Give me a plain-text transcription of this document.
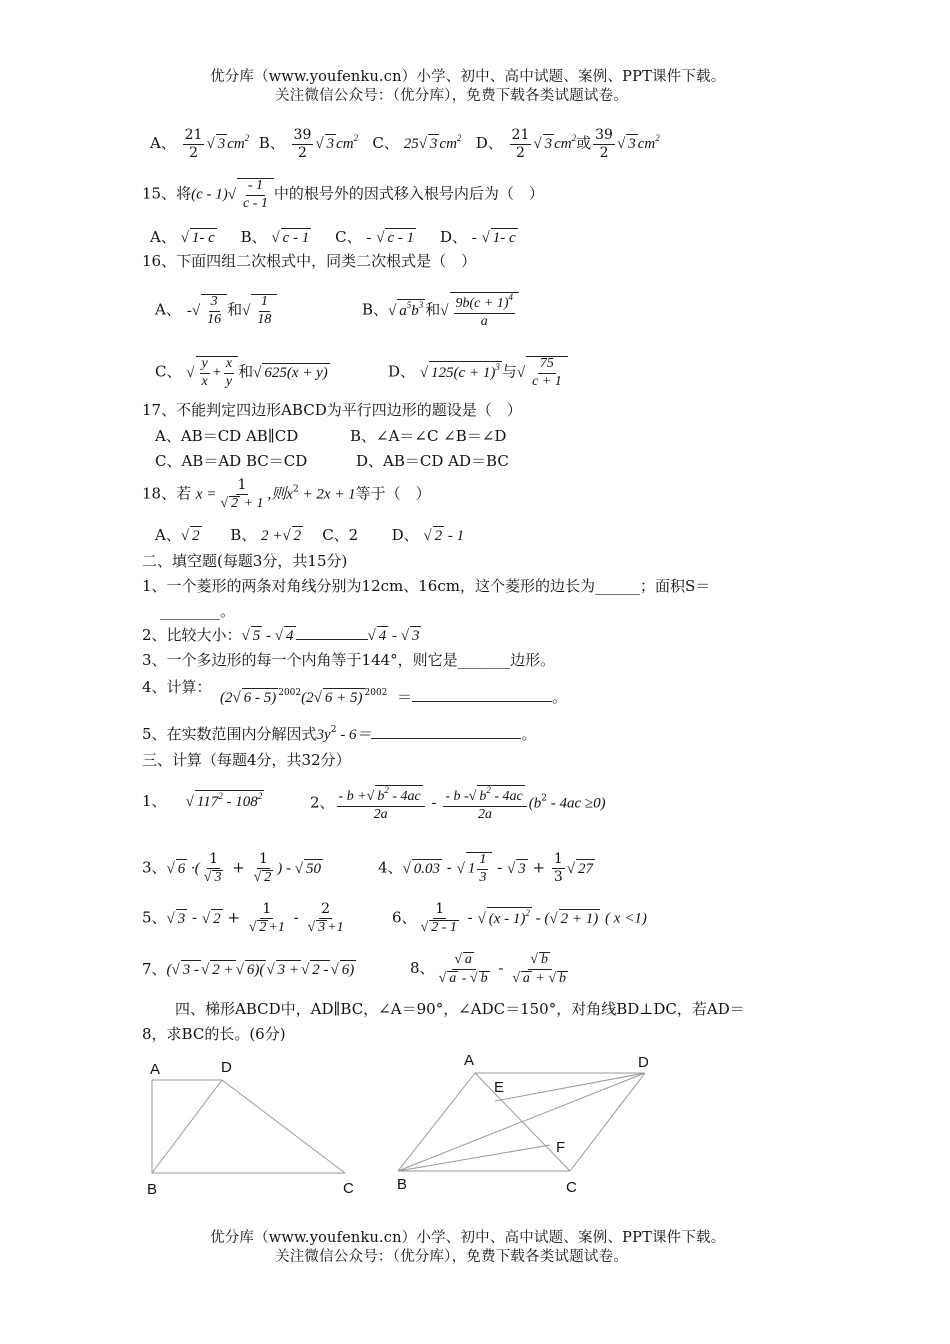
优分库（www.youfenku.cn）小学、初中、高中试题、案例、PPT课件下载。
关注微信公众号：（优分库），免费下载各类试题试卷。
A、 $\frac{21}{2}$ √ 3 $cm^2$ B、 $\frac{39}{2}$ √ 3 $cm^2$ C、 25√ 3 $cm^2$ D、 $\frac{21}{2}$ √ 3 $cm^2$或 $\frac{39}{2}$ √ 3 $cm^2$
15、将$(c - 1)√ \frac{- 1}{c - 1}$ 中的根号外的因式移入根号内后为（　）
A、 √ 1- c B、 √ c - 1 C、 - √ c - 1 D、 - √ 1- c
16、下面四组二次根式中，同类二次根式是（　）
A、 -√ $\frac{3}{16}$ 和√ $\frac{1}{18}$	B、√ $a^5b^3$ 和√ $\frac{9b(c + 1)^4}{a}$
C、 √ $\frac{y}{x} + \frac{x}{y}$ 和√ 625(x + y)	D、 √ $125(c + 1)^3$ 与√ $\frac{75}{c + 1}$
17、不能判定四边形ABCD为平行四边形的题设是（　）
A、AB＝CD AB∥CD	B、∠A＝∠C ∠B＝∠D
C、AB＝AD BC＝CD	D、AB＝CD AD＝BC
18、若 $x = \frac{1}{√ 2 + 1}$ ,则$x^2 + 2x + 1$等于（　）
A、√ 2 B、 2 +√ 2 C、2 D、 √ 2 - 1
二、填空题(每题3分，共15分)
1、一个菱形的两条对角线分别为12cm、16cm，这个菱形的边长为______；面积S＝
________。
2、比较大小：√ 5 - √ 4	√ 4 - √ 3
3、一个多边形的每一个内角等于144°，则它是_______边形。
4、计算：
(2√ 6 - 5) $^{2002}$(2√ 6 + 5) $^{2002}$ ＝	。
5、在实数范围内分解因式$3y^2 - 6=$	。
三、计算（每题4分，共32分）
1、 √ $117^2 - 108^2$	2、 $\frac{- b +√ b^2 - 4ac}{2a} - \frac{- b -√ b^2 - 4ac}{2a} (b^2 - 4ac \ge 0)$
3、√ 6 ·( $\frac{1}{√ 3} + \frac{1}{√ 2}$ ) - √ 50	4、√ 0.03 - √ $1 \frac{1}{3}$ - √ $3 + \frac{1}{3}$ √ 27
5、√ 3 - √ $2 + \frac{1}{√ 2 +1} - \frac{2}{√ 3 +1}$	6、 $\frac{1}{√ 2 - 1}$ - √ (x - 1)$^2$ - (√ 2 + 1) ( x <1)
7、(√ 3 -√ 2 +√ 6)( √ 3 +√ 2 -√ 6)	8、 $\frac{√ a}{√ a - √ b} - \frac{√ b}{√ a + √ b}$
四、梯形ABCD中，AD∥BC，∠A＝90°，∠ADC＝150°，对角线BD⊥DC，若AD＝
8，求BC的长。(6分)
A	D
B	C
A	D
E
F
B	C
优分库（www.youfenku.cn）小学、初中、高中试题、案例、PPT课件下载。
关注微信公众号：（优分库），免费下载各类试题试卷。
